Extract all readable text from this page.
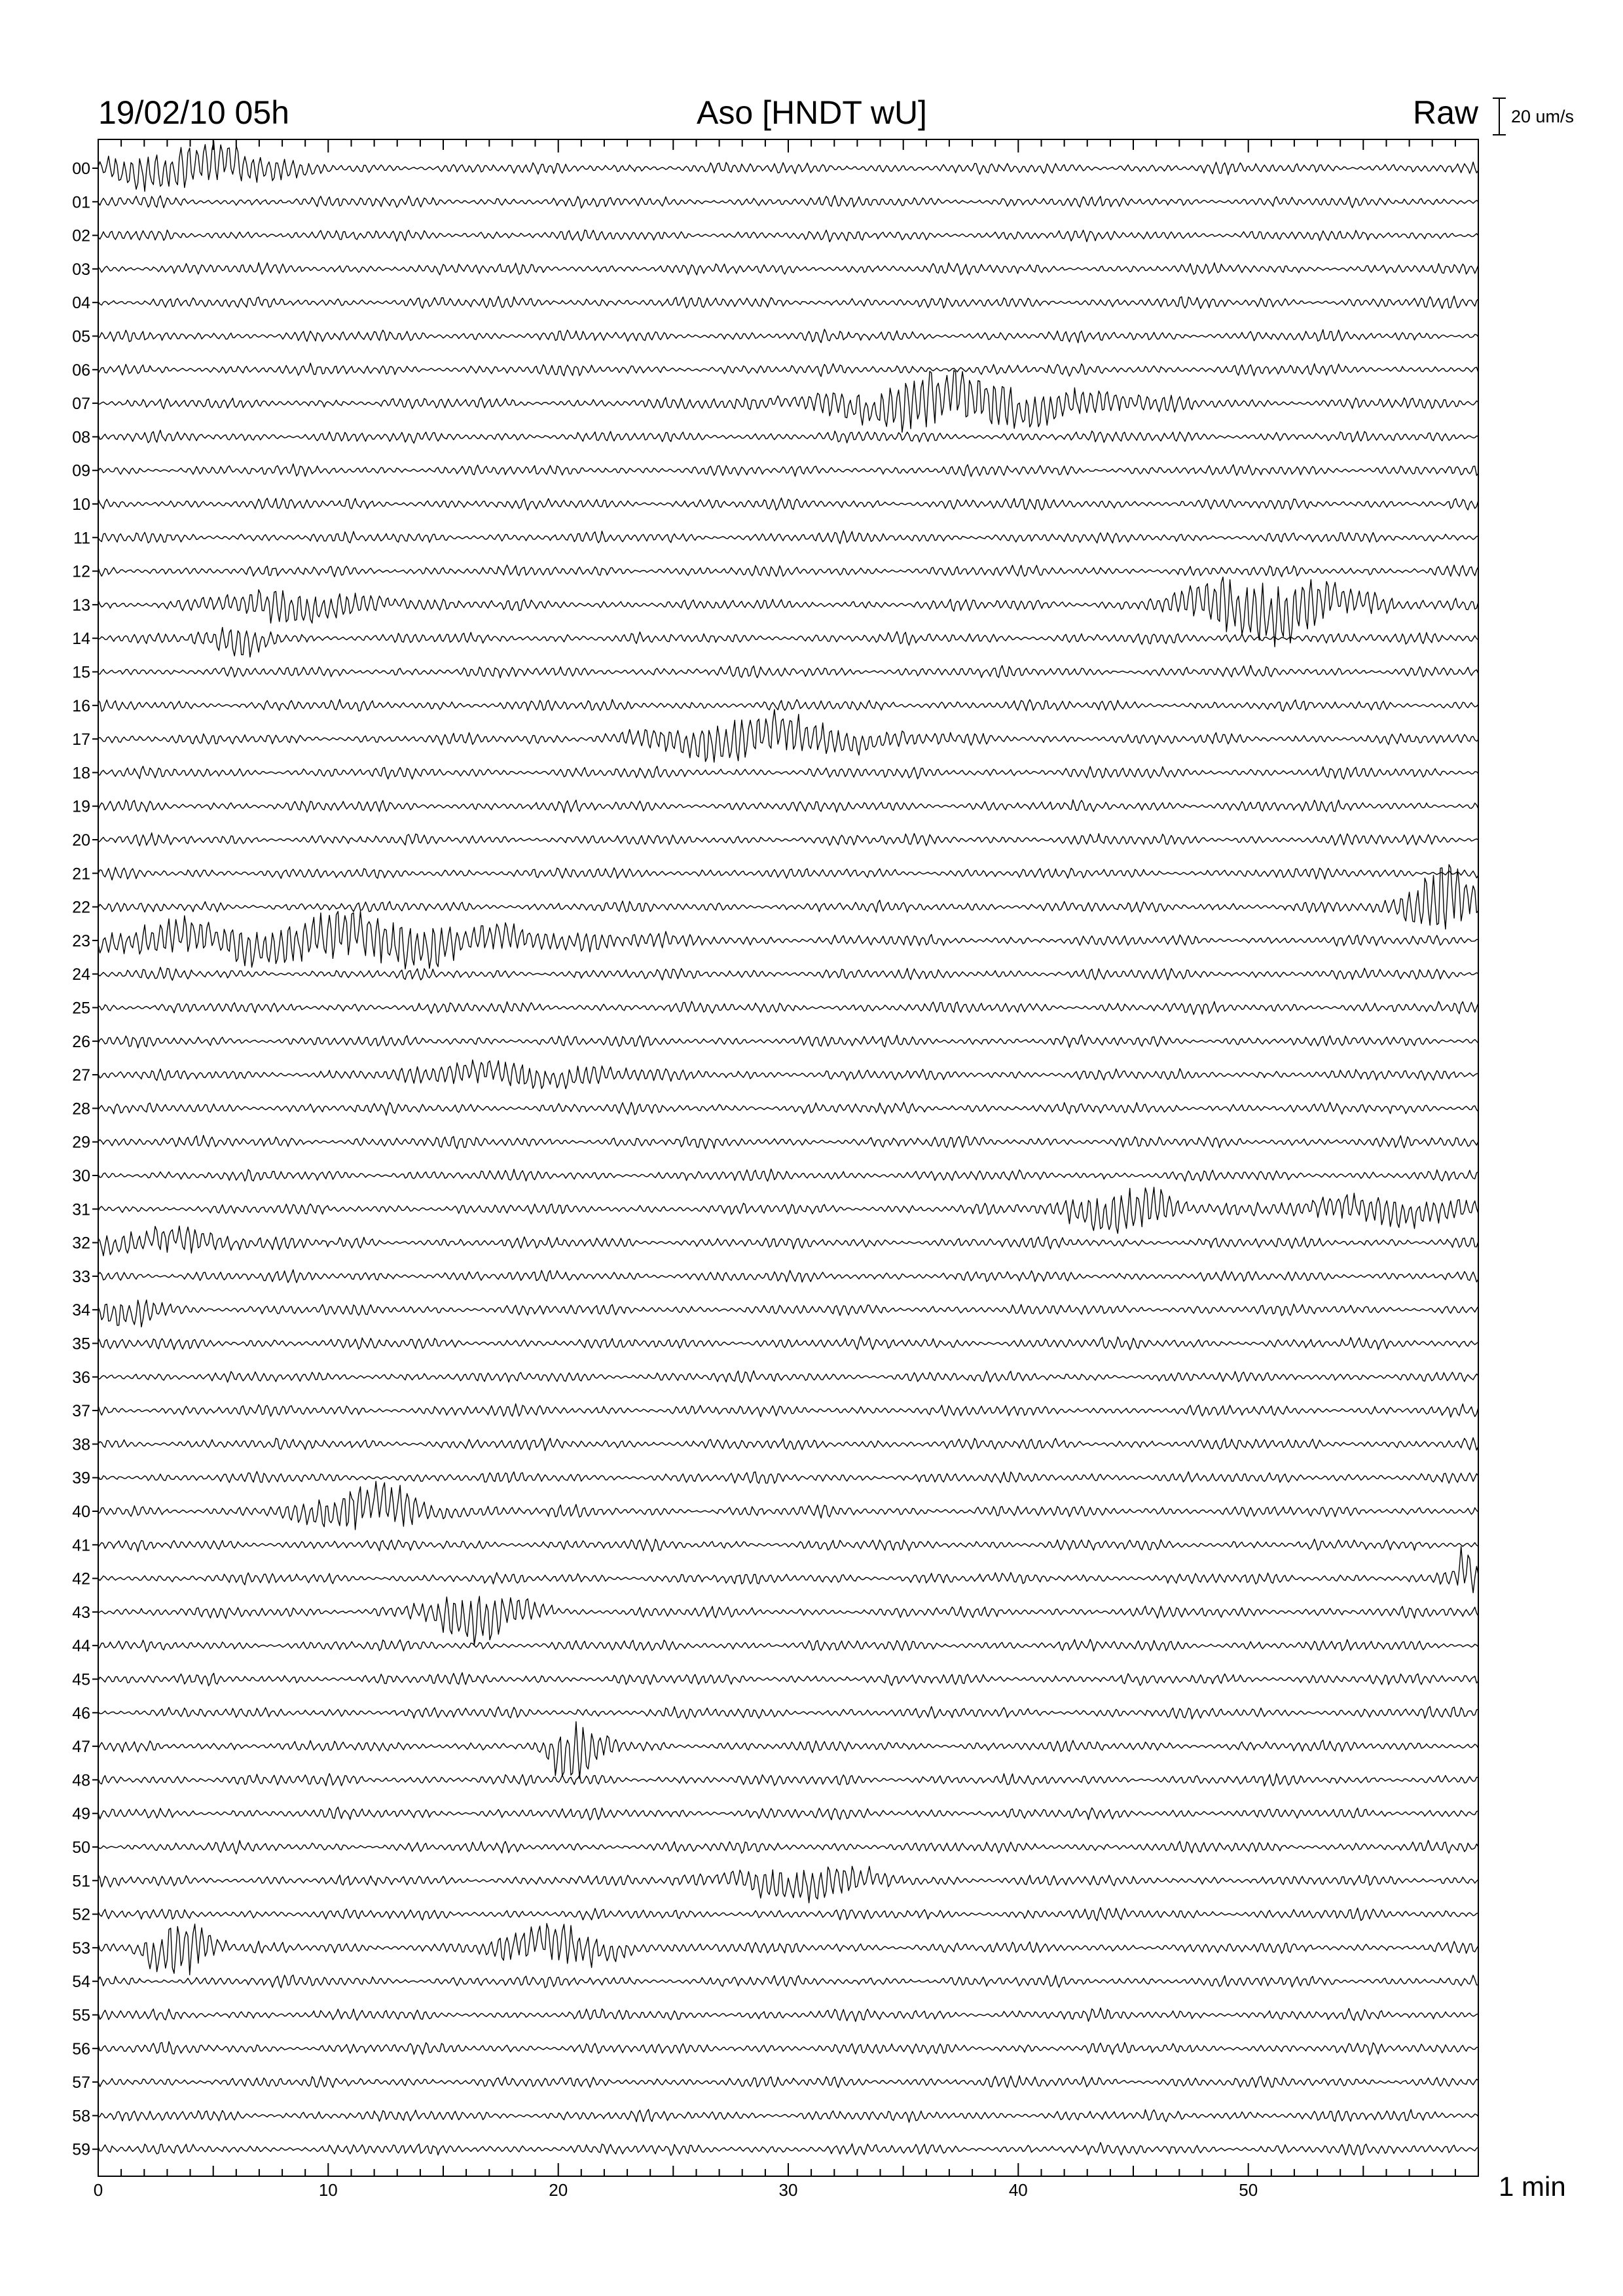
19/02/10 05h	Aso [HNDT wU]	Raw 20 um/s
00
01
02
03
04
05
06
07
08
09
10
11
12
13
14
15
16
17
18
19
20
21
22
23
24
25
26
27
28
29
30
31
32
33
34
35
36
37
38
39
40
41
42
43
44
45
46
47
48
49
50
51
52
53
54
55
56
57
58
59
0	10	20	30	40	50	1 min
